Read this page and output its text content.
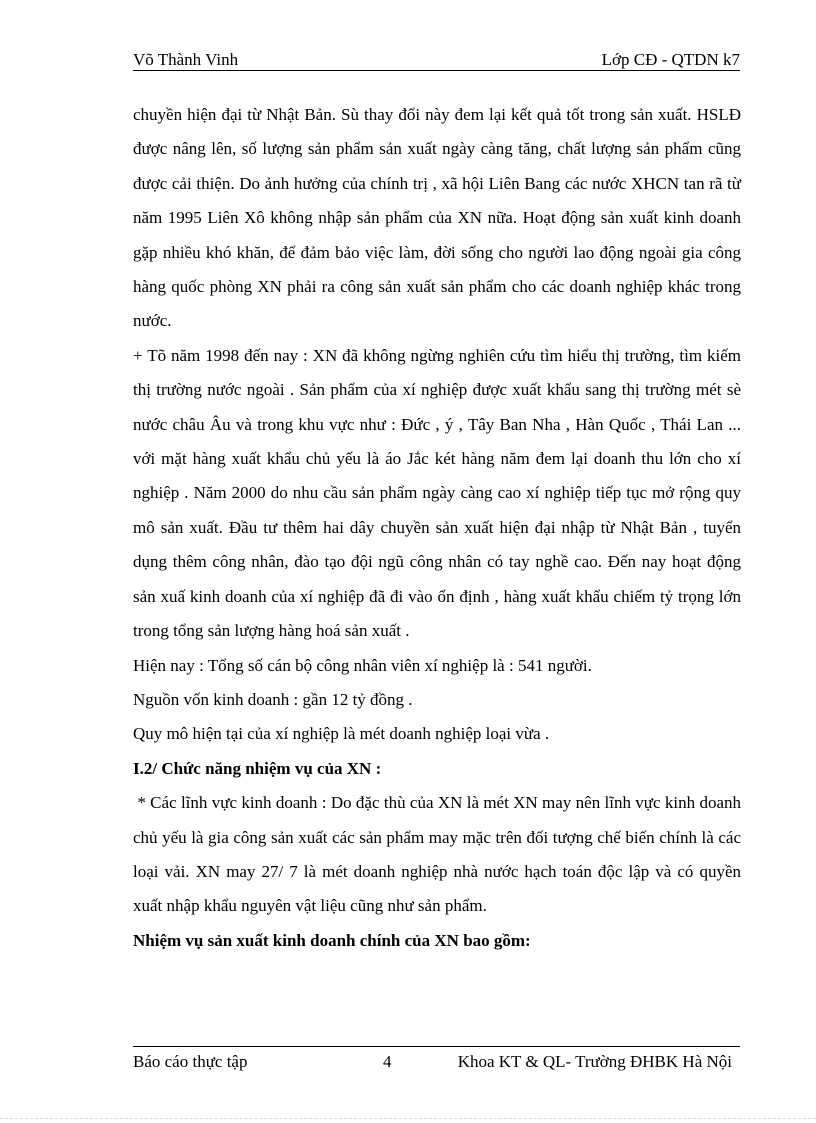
Võ Thành Vinh	Lớp CĐ - QTDN k7

chuyền hiện đại từ Nhật Bản. Sù thay đổi này đem lại kết quả tốt trong sản xuất. HSLĐ được nâng lên, số lượng sản phẩm sản xuất ngày càng tăng, chất lượng sản phẩm cũng được cải thiện. Do ảnh hưởng của chính trị , xã hội Liên Bang các nước XHCN tan rã từ năm 1995 Liên Xô không nhập sản phẩm của XN nữa. Hoạt động sản xuất kinh doanh gặp nhiều khó khăn, để đảm bảo việc làm, đời sống cho người lao động ngoài gia công hàng quốc phòng XN phải ra công sản xuất sản phẩm cho các doanh nghiệp khác trong nước.

+ Tõ năm 1998 đến nay : XN đã không ngừng nghiên cứu tìm hiểu thị trường, tìm kiếm thị trường nước ngoài . Sản phẩm của xí nghiệp được xuất khẩu sang thị trường mét sè nước châu Âu và trong khu vực như : Đức , ý , Tây Ban Nha , Hàn Quốc , Thái Lan ... với mặt hàng xuất khẩu chủ yếu là áo Jắc két hàng năm đem lại doanh thu lớn cho xí nghiệp . Năm 2000 do nhu cầu sản phẩm ngày càng cao xí nghiệp tiếp tục mở rộng quy mô sản xuất. Đầu tư thêm hai dây chuyền sản xuất hiện đại nhập từ Nhật Bản , tuyển dụng thêm công nhân, đào tạo đội ngũ công nhân có tay nghề cao. Đến nay hoạt động sản xuấ kinh doanh của xí nghiệp đã đi vào ổn định , hàng xuất khẩu chiếm tỷ trọng lớn trong tổng sản lượng hàng hoá sản xuất .

Hiện nay : Tổng số cán bộ công nhân viên xí nghiệp là : 541 người.

Nguồn vốn kinh doanh : gần 12 tỷ đồng .

Quy mô hiện tại của xí nghiệp là mét doanh nghiệp loại vừa .

I.2/ Chức năng nhiệm vụ của XN :

* Các lĩnh vực kinh doanh : Do đặc thù của XN là mét XN may nên lĩnh vực kinh doanh chủ yếu là gia công sản xuất các sản phẩm may mặc trên đối tượng chế biến chính là các loại vải. XN may 27/ 7 là mét doanh nghiệp nhà nước hạch toán độc lập và có quyền xuất nhập khẩu nguyên vật liệu cũng như sản phẩm.

Nhiệm vụ sản xuất kinh doanh chính của XN bao gồm:

Báo cáo thực tập	4	Khoa KT & QL- Trường ĐHBK Hà Nội
